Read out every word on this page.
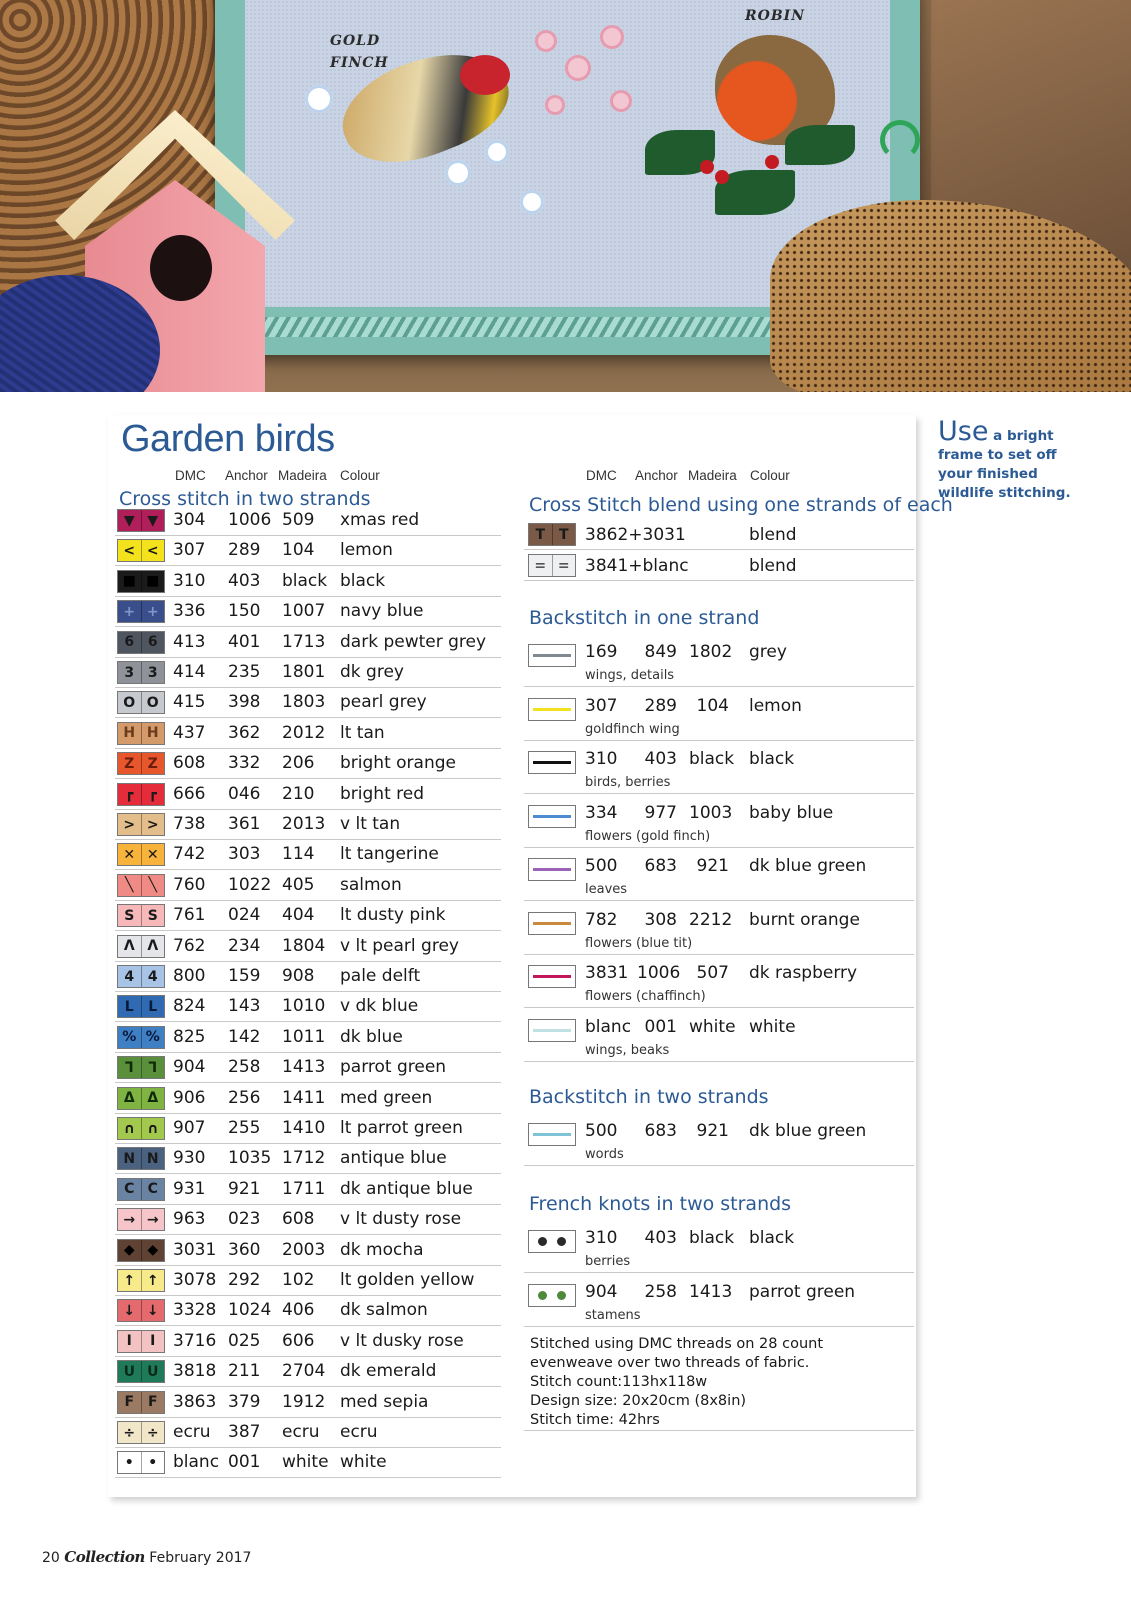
GOLD FINCH
ROBIN
Garden birds
DMC Anchor Madeira Colour
Cross stitch in two strands
▼ ▼ 304 1006 509 xmas red
< < 307 289 104 lemon
■ ■ 310 403 black black
+ + 336 150 1007 navy blue
6 6 413 401 1713 dark pewter grey
3 3 414 235 1801 dk grey
O O 415 398 1803 pearl grey
H H 437 362 2012 lt tan
Z Z 608 332 206 bright orange
┏	┏ 666 046 210 bright red
> > 738 361 2013 v lt tan
✕ ✕ 742 303 114 lt tangerine
╲	╲ 760 1022 405 salmon
S S 761 024 404 lt dusty pink
Λ Λ 762 234 1804 v lt pearl grey
4 4 800 159 908 pale delft
L	L 824 143 1010 v dk blue
% % 825 142 1011 dk blue
ᒣ	ᒣ 904 258 1413 parrot green
Δ Δ 906 256 1411 med green
∩ ∩ 907 255 1410 lt parrot green
N N 930 1035 1712 antique blue
C C 931 921 1711 dk antique blue
→ → 963 023 608 v lt dusty rose
◆ ◆ 3031 360 2003 dk mocha
↑ ↑ 3078 292 102 lt golden yellow
↓ ↓ 3328 1024 406 dk salmon
I	I	3716 025 606 v lt dusky rose
U U 3818 211 2704 dk emerald
F F 3863 379 1912 med sepia
÷ ÷ ecru 387 ecru ecru
•	• blanc 001 white white
DMC Anchor Madeira Colour
Cross Stitch blend using one strands of each
Backstitch in one strand
Backstitch in two strands
French knots in two strands
T T 3862+3031	blend
= = 3841+blanc	blend
169	849 1802 grey
wings, details
307	289	104 lemon
goldfinch wing
310	403 black black
birds, berries
334	977 1003 baby blue
flowers (gold finch)
500	683	921 dk blue green
leaves
782	308 2212 burnt orange
flowers (blue tit)
3831 1006 507 dk raspberry
flowers (chaffinch)
blanc 001 white white
wings, beaks
500	683	921 dk blue green
words
310	403 black black
berries
904	258 1413 parrot green
stamens
Stitched using DMC threads on 28 count evenweave over two threads of fabric.
Stitch count:113hx118w
Design size: 20x20cm (8x8in)
Stitch time: 42hrs
Use a bright frame to set off your finished wildlife stitching.
20 Collection February 2017
